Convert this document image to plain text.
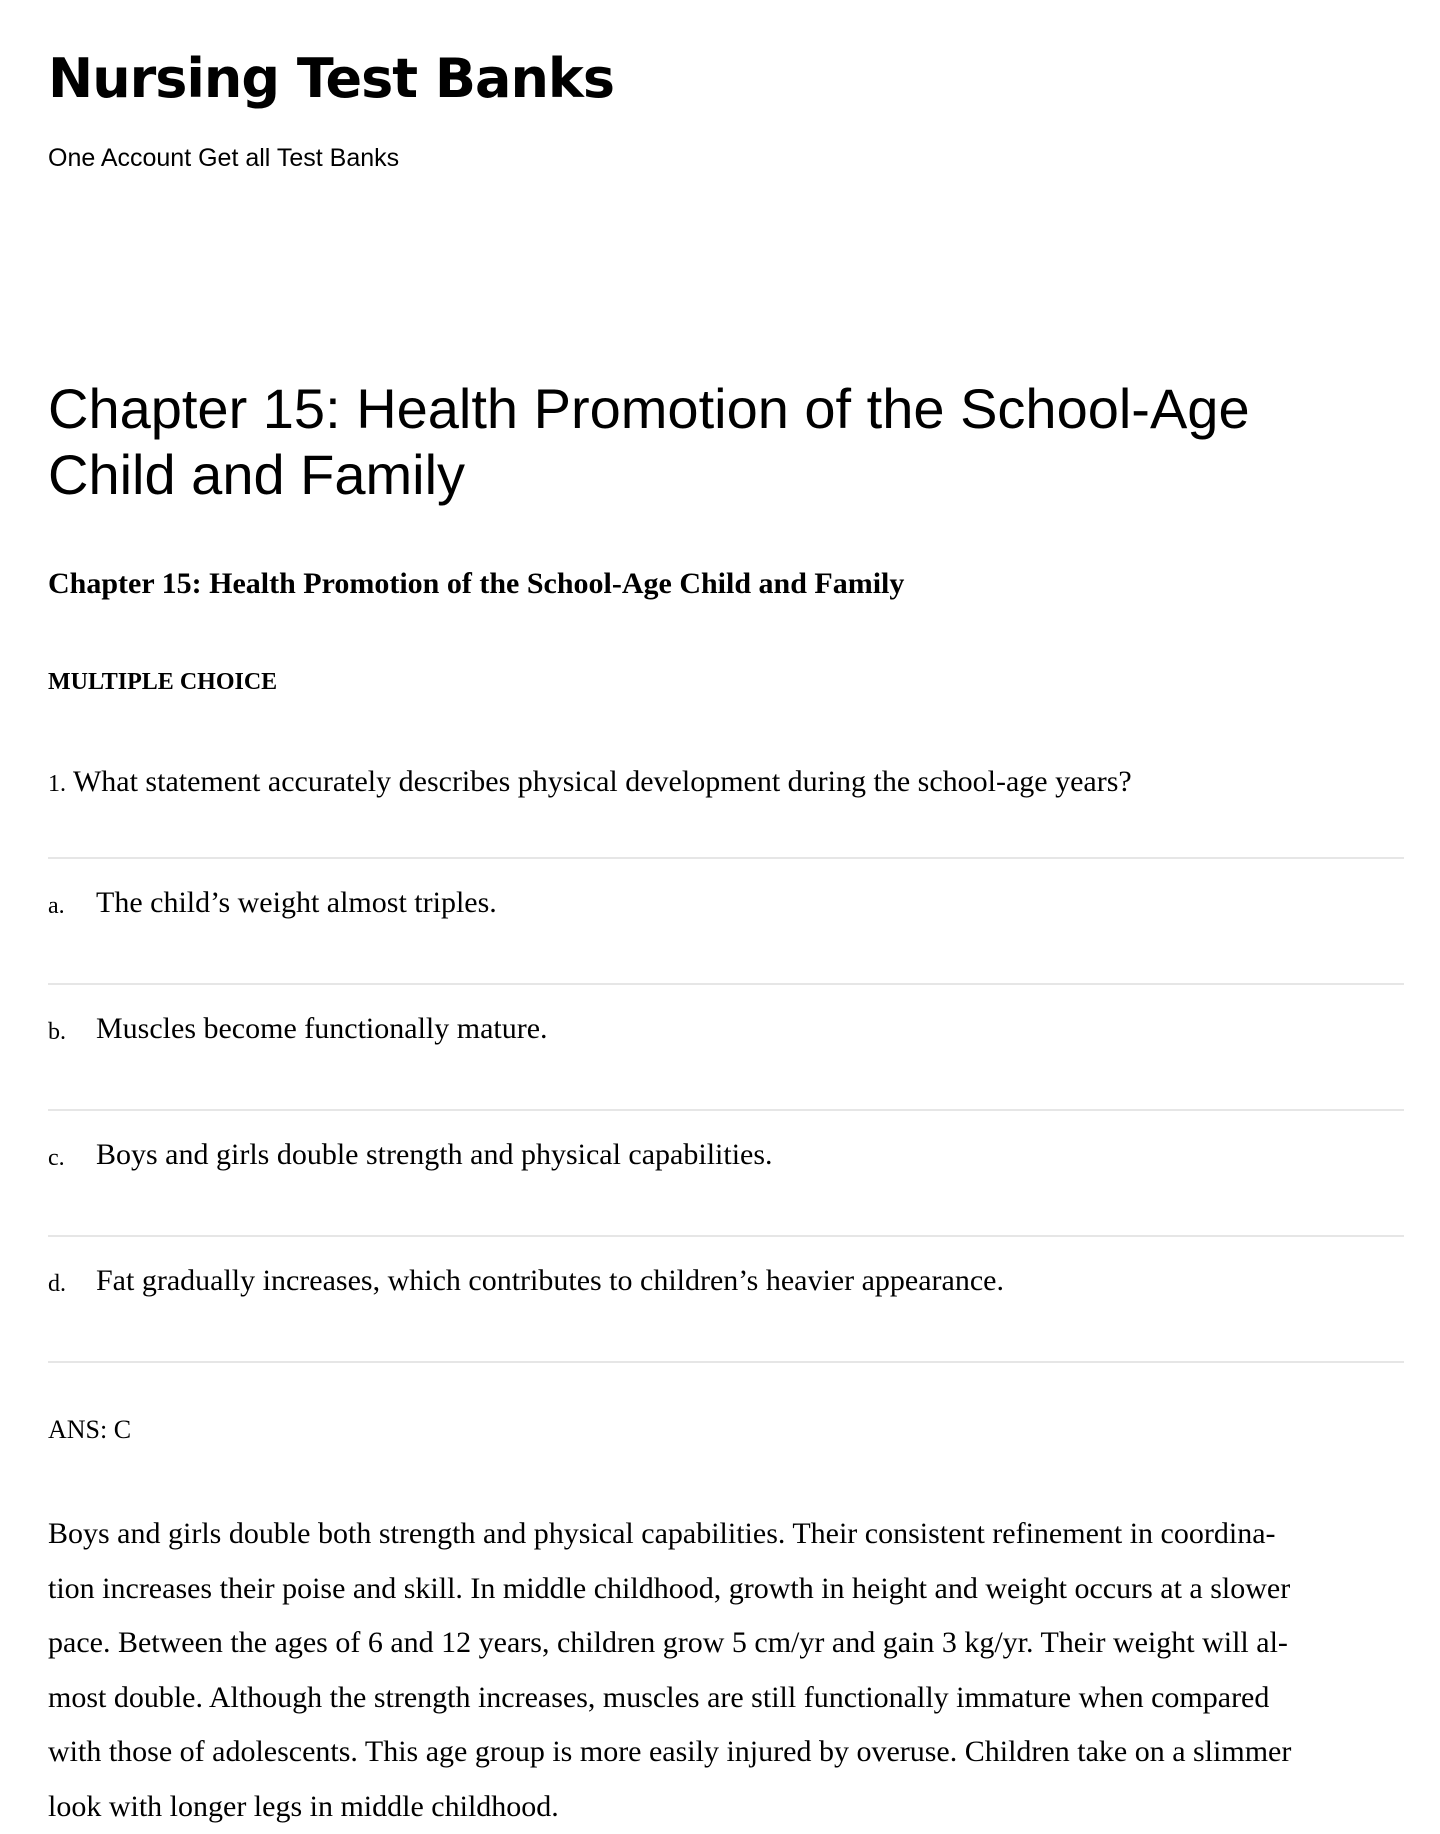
Nursing Test Banks

One Account Get all Test Banks

Chapter 15: Health Promotion of the School-Age
Child and Family

Chapter 15: Health Promotion of the School-Age Child and Family

MULTIPLE CHOICE

1. What statement accurately describes physical development during the school-age years?

a. The child’s weight almost triples.
b. Muscles become functionally mature.
c. Boys and girls double strength and physical capabilities.
d. Fat gradually increases, which contributes to children’s heavier appearance.

ANS: C

Boys and girls double both strength and physical capabilities. Their consistent refinement in coordina-
tion increases their poise and skill. In middle childhood, growth in height and weight occurs at a slower
pace. Between the ages of 6 and 12 years, children grow 5 cm/yr and gain 3 kg/yr. Their weight will al-
most double. Although the strength increases, muscles are still functionally immature when compared
with those of adolescents. This age group is more easily injured by overuse. Children take on a slimmer
look with longer legs in middle childhood.
